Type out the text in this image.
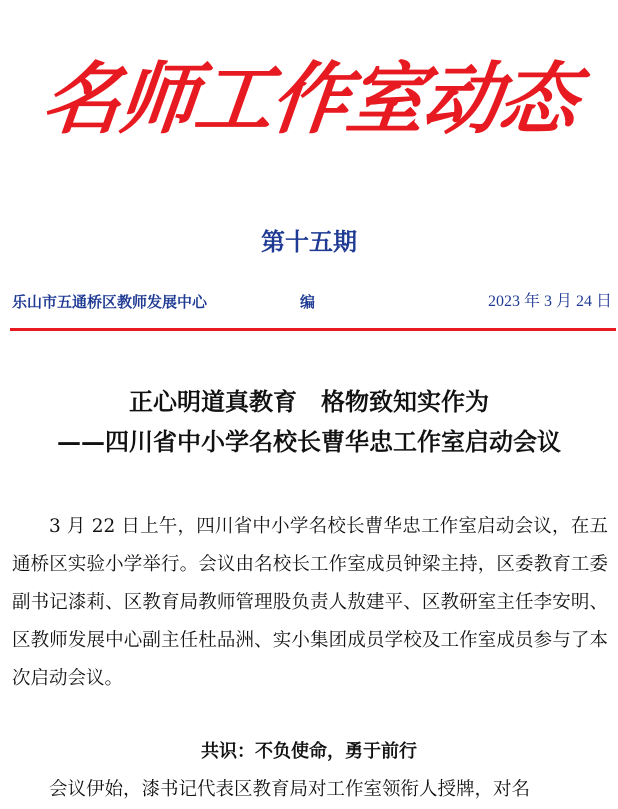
名师工作室动态
第十五期
乐山市五通桥区教师发展中心	编	2023 年 3 月 24 日
正心明道真教育　格物致知实作为
——四川省中小学名校长曹华忠工作室启动会议

3 月 22 日上午，四川省中小学名校长曹华忠工作室启动会议，在五通桥区实验小学举行。会议由名校长工作室成员钟梁主持，区委教育工委副书记漆莉、区教育局教师管理股负责人敖建平、区教研室主任李安明、区教师发展中心副主任杜品洲、实小集团成员学校及工作室成员参与了本次启动会议。

共识：不负使命，勇于前行

会议伊始，漆书记代表区教育局对工作室领衔人授牌，对名
